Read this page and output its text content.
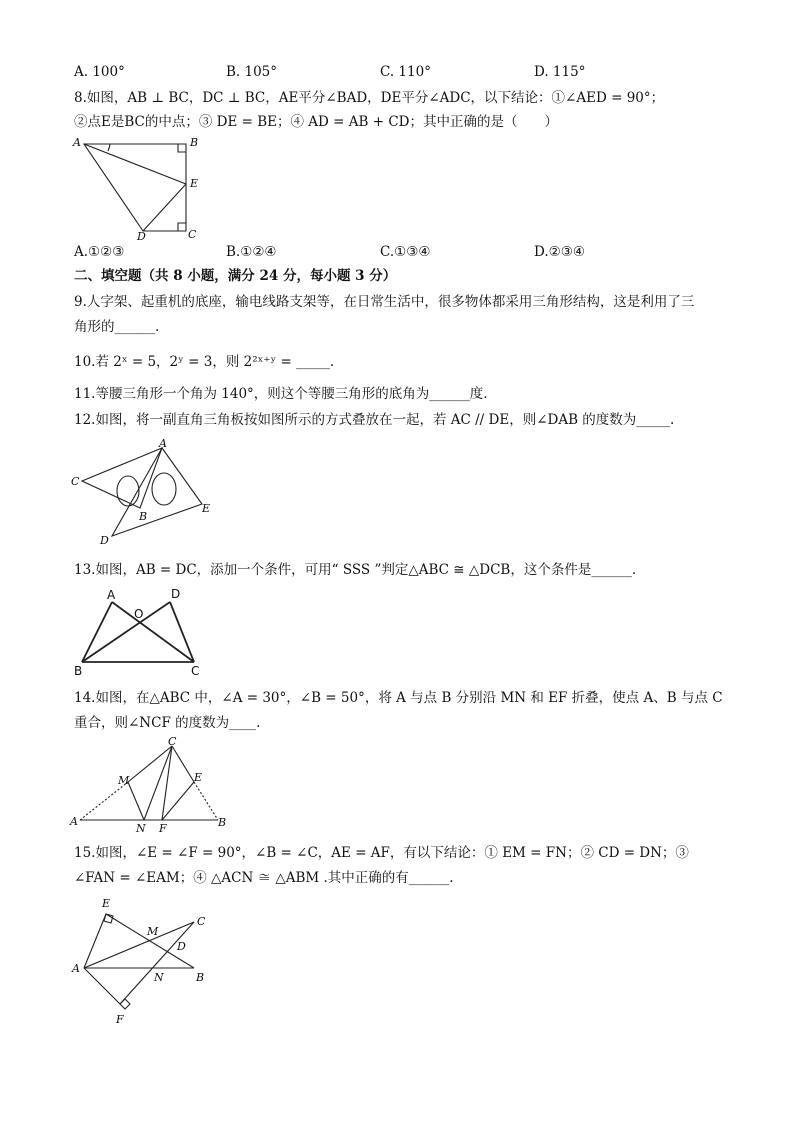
A. 100°	B. 105°	C. 110°	D. 115°
8.如图，AB ⊥ BC，DC ⊥ BC，AE平分∠BAD，DE平分∠ADC，以下结论：①∠AED = 90°；
②点E是BC的中点；③ DE = BE；④ AD = AB + CD；其中正确的是（　　）
A	B
E
D	C
A.①②③	B.①②④	C.①③④	D.②③④
二、填空题（共 8 小题，满分 24 分，每小题 3 分）
9.人字架、起重机的底座，输电线路支架等，在日常生活中，很多物体都采用三角形结构，这是利用了三
角形的______.
10.若 2ˣ = 5，2ʸ = 3，则 2²ˣ⁺ʸ = _____.
11.等腰三角形一个角为 140°，则这个等腰三角形的底角为______度.
12.如图，将一副直角三角板按如图所示的方式叠放在一起，若 AC // DE，则∠DAB 的度数为_____.
A
C
B
E
D
13.如图，AB = DC，添加一个条件，可用“ SSS ”判定△ABC ≅ △DCB，这个条件是______.
A
O
D
B	C
14.如图，在△ABC 中，∠A = 30°，∠B = 50°，将 A 与点 B 分别沿 MN 和 EF 折叠，使点 A、B 与点 C
重合，则∠NCF 的度数为____.
C
M	E
A
N F	B
15.如图，∠E = ∠F = 90°，∠B = ∠C，AE = AF，有以下结论：① EM = FN；② CD = DN；③
∠FAN = ∠EAM；④ △ACN ≅ △ABM .其中正确的有______.
E
C
M
D
A
N	B
F
